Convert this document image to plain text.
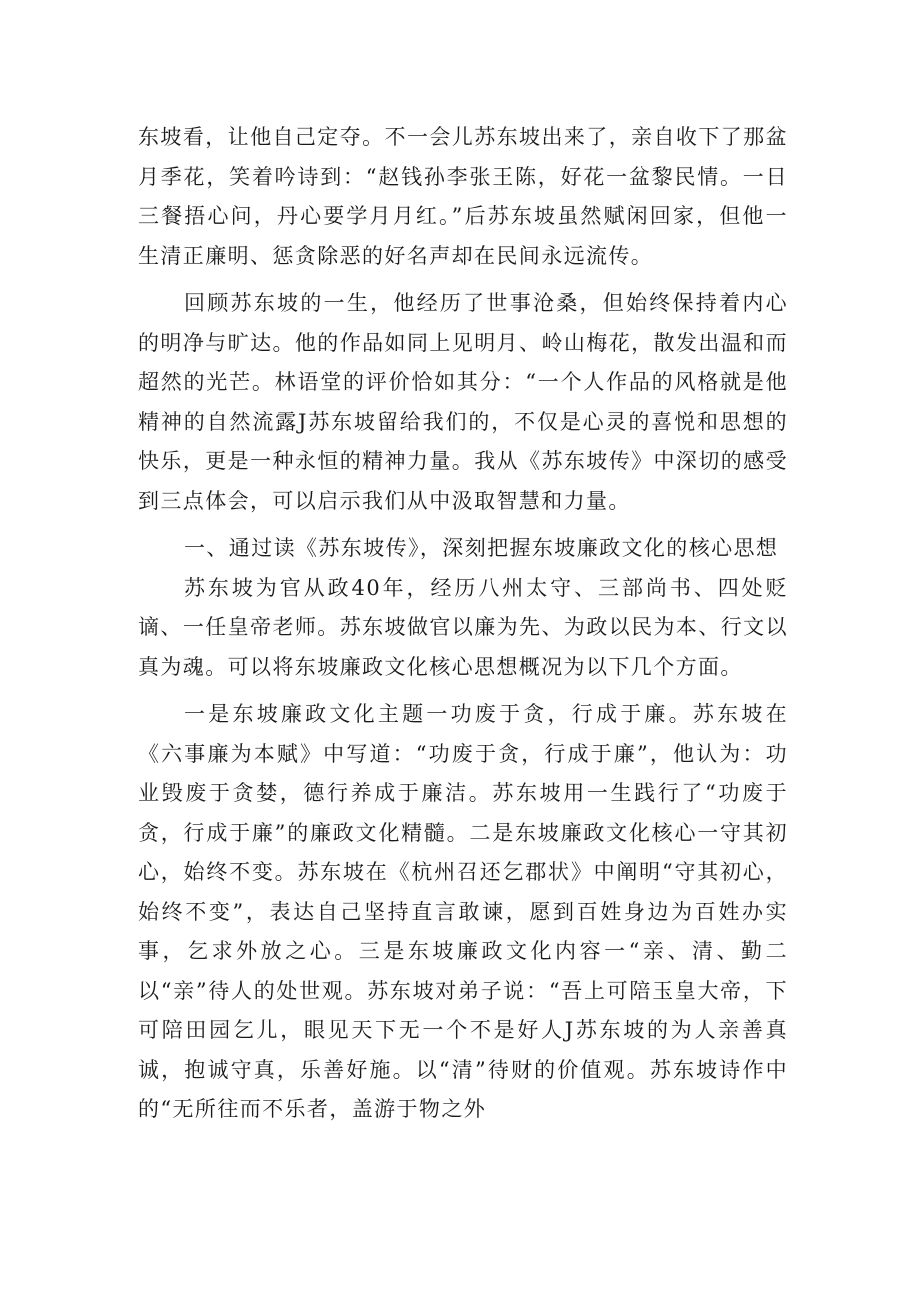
东坡看，让他自己定夺。不一会儿苏东坡出来了，亲自收下了那盆月季花，笑着吟诗到：“赵钱孙李张王陈，好花一盆黎民情。一日三餐捂心问，丹心要学月月红。”后苏东坡虽然赋闲回家，但他一生清正廉明、惩贪除恶的好名声却在民间永远流传。

回顾苏东坡的一生，他经历了世事沧桑，但始终保持着内心的明净与旷达。他的作品如同上见明月、岭山梅花，散发出温和而超然的光芒。林语堂的评价恰如其分：“一个人作品的风格就是他精神的自然流露J苏东坡留给我们的，不仅是心灵的喜悦和思想的快乐，更是一种永恒的精神力量。我从《苏东坡传》中深切的感受到三点体会，可以启示我们从中汲取智慧和力量。

一、通过读《苏东坡传》，深刻把握东坡廉政文化的核心思想

苏东坡为官从政40年，经历八州太守、三部尚书、四处贬谪、一任皇帝老师。苏东坡做官以廉为先、为政以民为本、行文以真为魂。可以将东坡廉政文化核心思想概况为以下几个方面。

一是东坡廉政文化主题一功废于贪，行成于廉。苏东坡在《六事廉为本赋》中写道：“功废于贪，行成于廉”，他认为：功业毁废于贪婪，德行养成于廉洁。苏东坡用一生践行了“功废于贪，行成于廉”的廉政文化精髓。二是东坡廉政文化核心一守其初心，始终不变。苏东坡在《杭州召还乞郡状》中阐明“守其初心，始终不变”，表达自己坚持直言敢谏，愿到百姓身边为百姓办实事，乞求外放之心。三是东坡廉政文化内容一“亲、清、勤二以“亲”待人的处世观。苏东坡对弟子说：“吾上可陪玉皇大帝，下可陪田园乞儿，眼见天下无一个不是好人J苏东坡的为人亲善真诚，抱诚守真，乐善好施。以“清”待财的价值观。苏东坡诗作中的“无所往而不乐者，盖游于物之外
